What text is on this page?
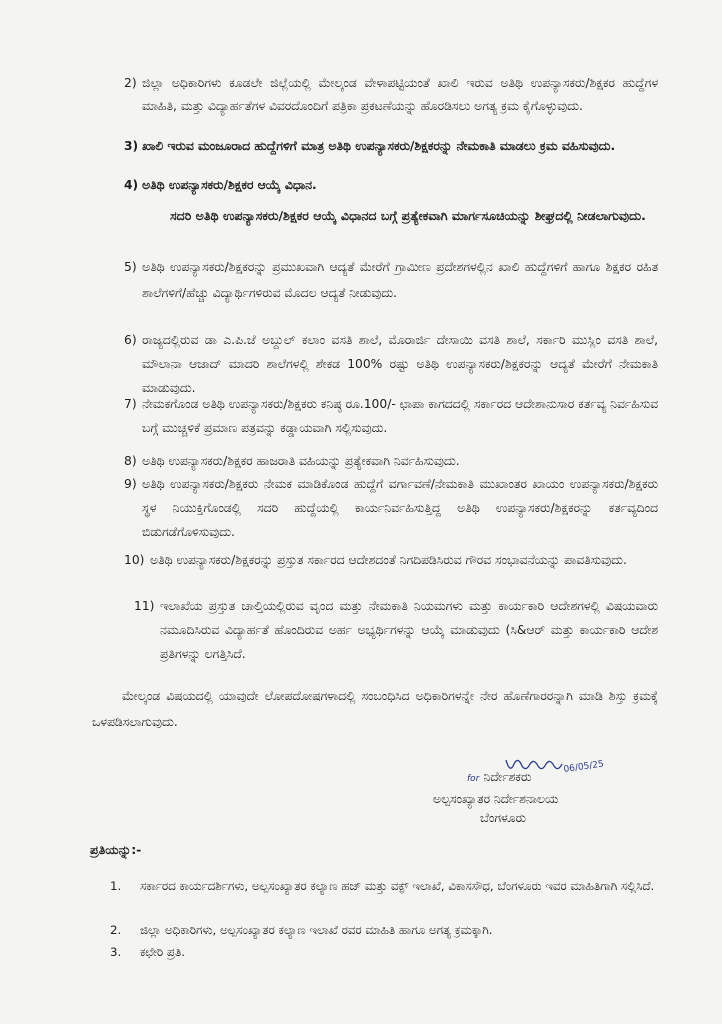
2) ಜಿಲ್ಲಾ ಅಧಿಕಾರಿಗಳು ಕೂಡಲೇ ಜಿಲ್ಲೆಯಲ್ಲಿ ಮೇಲ್ಕಂಡ ವೇಳಾಪಟ್ಟಿಯಂತೆ ಖಾಲಿ ಇರುವ ಅತಿಥಿ ಉಪನ್ಯಾಸಕರು/ಶಿಕ್ಷಕರ ಹುದ್ದೆಗಳ ಮಾಹಿತಿ, ಮತ್ತು ವಿದ್ಯಾರ್ಹತೆಗಳ ವಿವರದೊಂದಿಗೆ ಪತ್ರಿಕಾ ಪ್ರಕಟಣೆಯನ್ನು ಹೊರಡಿಸಲು ಅಗತ್ಯ ಕ್ರಮ ಕೈಗೊಳ್ಳುವುದು.
3) ಖಾಲಿ ಇರುವ ಮಂಜೂರಾದ ಹುದ್ದೆಗಳಿಗೆ ಮಾತ್ರ ಅತಿಥಿ ಉಪನ್ಯಾಸಕರು/ಶಿಕ್ಷಕರನ್ನು ನೇಮಕಾತಿ ಮಾಡಲು ಕ್ರಮ ವಹಿಸುವುದು.
4) ಅತಿಥಿ ಉಪನ್ಯಾಸಕರು/ಶಿಕ್ಷಕರ ಆಯ್ಕೆ ವಿಧಾನ.
ಸದರಿ ಅತಿಥಿ ಉಪನ್ಯಾಸಕರು/ಶಿಕ್ಷಕರ ಆಯ್ಕೆ ವಿಧಾನದ ಬಗ್ಗೆ ಪ್ರತ್ಯೇಕವಾಗಿ ಮಾರ್ಗಸೂಚಿಯನ್ನು ಶೀಘ್ರದಲ್ಲಿ ನೀಡಲಾಗುವುದು.
5) ಅತಿಥಿ ಉಪನ್ಯಾಸಕರು/ಶಿಕ್ಷಕರನ್ನು ಪ್ರಮುಖವಾಗಿ ಆದ್ಯತೆ ಮೇರೆಗೆ ಗ್ರಾಮೀಣ ಪ್ರದೇಶಗಳಲ್ಲಿನ ಖಾಲಿ ಹುದ್ದೆಗಳಿಗೆ ಹಾಗೂ ಶಿಕ್ಷಕರ ರಹಿತ ಶಾಲೆಗಳಿಗೆ/ಹೆಚ್ಚು ವಿದ್ಯಾರ್ಥಿಗಳಿರುವ ಮೊದಲ ಆದ್ಯತೆ ನೀಡುವುದು.
6) ರಾಜ್ಯದಲ್ಲಿರುವ ಡಾ ಎ.ಪಿ.ಜೆ ಅಬ್ದುಲ್ ಕಲಾಂ ವಸತಿ ಶಾಲೆ, ಮೊರಾರ್ಜಿ ದೇಸಾಯಿ ವಸತಿ ಶಾಲೆ, ಸರ್ಕಾರಿ ಮುಸ್ಲಿಂ ವಸತಿ ಶಾಲೆ, ಮೌಲಾನಾ ಆಜಾದ್ ಮಾದರಿ ಶಾಲೆಗಳಲ್ಲಿ ಶೇಕಡ 100% ರಷ್ಟು ಅತಿಥಿ ಉಪನ್ಯಾಸಕರು/ಶಿಕ್ಷಕರನ್ನು ಆದ್ಯತೆ ಮೇರೆಗೆ ನೇಮಕಾತಿ ಮಾಡುವುದು.
7) ನೇಮಕಗೊಂಡ ಅತಿಥಿ ಉಪನ್ಯಾಸಕರು/ಶಿಕ್ಷಕರು ಕನಿಷ್ಠ ರೂ.100/- ಛಾಪಾ ಕಾಗದದಲ್ಲಿ ಸರ್ಕಾರದ ಆದೇಶಾನುಸಾರ ಕರ್ತವ್ಯ ನಿರ್ವಹಿಸುವ ಬಗ್ಗೆ ಮುಚ್ಚಳಿಕೆ ಪ್ರಮಾಣ ಪತ್ರವನ್ನು ಕಡ್ಡಾಯವಾಗಿ ಸಲ್ಲಿಸುವುದು.
8) ಅತಿಥಿ ಉಪನ್ಯಾಸಕರು/ಶಿಕ್ಷಕರ ಹಾಜರಾತಿ ವಹಿಯನ್ನು ಪ್ರತ್ಯೇಕವಾಗಿ ನಿರ್ವಹಿಸುವುದು.
9) ಅತಿಥಿ ಉಪನ್ಯಾಸಕರು/ಶಿಕ್ಷಕರು ನೇಮಕ ಮಾಡಿಕೊಂಡ ಹುದ್ದೆಗೆ ವರ್ಗಾವಣೆ/ನೇಮಕಾತಿ ಮುಖಾಂತರ ಖಾಯಂ ಉಪನ್ಯಾಸಕರು/ಶಿಕ್ಷಕರು ಸ್ಥಳ ನಿಯುಕ್ತಿಗೊಂಡಲ್ಲಿ ಸದರಿ ಹುದ್ದೆಯಲ್ಲಿ ಕಾರ್ಯನಿರ್ವಹಿಸುತ್ತಿದ್ದ ಅತಿಥಿ ಉಪನ್ಯಾಸಕರು/ಶಿಕ್ಷಕರನ್ನು ಕರ್ತವ್ಯದಿಂದ ಬಿಡುಗಡೆಗೊಳಿಸುವುದು.
10) ಅತಿಥಿ ಉಪನ್ಯಾಸಕರು/ಶಿಕ್ಷಕರನ್ನು ಪ್ರಸ್ತುತ ಸರ್ಕಾರದ ಆದೇಶದಂತೆ ನಿಗದಿಪಡಿಸಿರುವ ಗೌರವ ಸಂಭಾವನೆಯನ್ನು ಪಾವತಿಸುವುದು.
11) ಇಲಾಖೆಯ ಪ್ರಸ್ತುತ ಚಾಲ್ತಿಯಲ್ಲಿರುವ ವೃಂದ ಮತ್ತು ನೇಮಕಾತಿ ನಿಯಮಗಳು ಮತ್ತು ಕಾರ್ಯಕಾರಿ ಆದೇಶಗಳಲ್ಲಿ ವಿಷಯವಾರು ನಮೂದಿಸಿರುವ ವಿದ್ಯಾರ್ಹತೆ ಹೊಂದಿರುವ ಅರ್ಹ ಅಭ್ಯರ್ಥಿಗಳನ್ನು ಆಯ್ಕೆ ಮಾಡುವುದು (ಸಿ&ಆರ್ ಮತ್ತು ಕಾರ್ಯಕಾರಿ ಆದೇಶ ಪ್ರತಿಗಳನ್ನು ಲಗತ್ತಿಸಿದೆ.
ಮೇಲ್ಕಂಡ ವಿಷಯದಲ್ಲಿ ಯಾವುದೇ ಲೋಪದೋಷಗಳಾದಲ್ಲಿ ಸಂಬಂಧಿಸಿದ ಅಧಿಕಾರಿಗಳನ್ನೇ ನೇರ ಹೊಣೆಗಾರರನ್ನಾಗಿ ಮಾಡಿ ಶಿಸ್ತು ಕ್ರಮಕ್ಕೆ ಒಳಪಡಿಸಲಾಗುವುದು.
06/05/25
for ನಿರ್ದೇಶಕರು
ಅಲ್ಪಸಂಖ್ಯಾತರ ನಿರ್ದೇಶನಾಲಯ
ಬೆಂಗಳೂರು
ಪ್ರತಿಯನ್ನು:-
1. ಸರ್ಕಾರದ ಕಾರ್ಯದರ್ಶಿಗಳು, ಅಲ್ಪಸಂಖ್ಯಾತರ ಕಲ್ಯಾಣ ಹಜ್ ಮತ್ತು ವಕ್ಫ್ ಇಲಾಖೆ, ವಿಕಾಸಸೌಧ, ಬೆಂಗಳೂರು ಇವರ ಮಾಹಿತಿಗಾಗಿ ಸಲ್ಲಿಸಿದೆ.
2. ಜಿಲ್ಲಾ ಅಧಿಕಾರಿಗಳು, ಅಲ್ಪಸಂಖ್ಯಾತರ ಕಲ್ಯಾಣ ಇಲಾಖೆ ರವರ ಮಾಹಿತಿ ಹಾಗೂ ಅಗತ್ಯ ಕ್ರಮಕ್ಕಾಗಿ.
3. ಕಛೇರಿ ಪ್ರತಿ.
